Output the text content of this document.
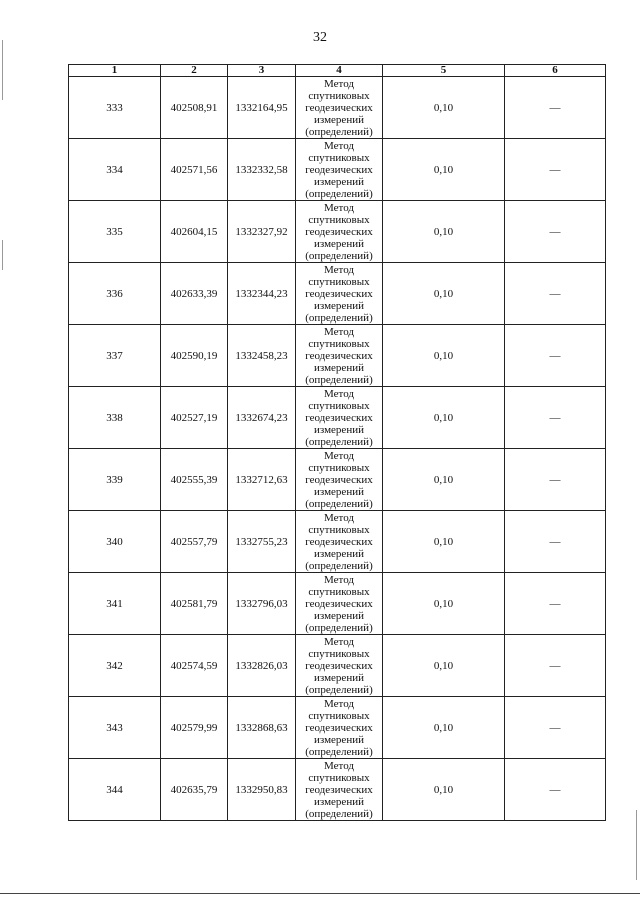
32
1	2	3	4	5	6
333	402508,91	1332164,95	Метод
спутниковых
геодезических
измерений
(определений)	0,10	—
334	402571,56	1332332,58	Метод
спутниковых
геодезических
измерений
(определений)	0,10	—
335	402604,15	1332327,92	Метод
спутниковых
геодезических
измерений
(определений)	0,10	—
336	402633,39	1332344,23	Метод
спутниковых
геодезических
измерений
(определений)	0,10	—
337	402590,19	1332458,23	Метод
спутниковых
геодезических
измерений
(определений)	0,10	—
338	402527,19	1332674,23	Метод
спутниковых
геодезических
измерений
(определений)	0,10	—
339	402555,39	1332712,63	Метод
спутниковых
геодезических
измерений
(определений)	0,10	—
340	402557,79	1332755,23	Метод
спутниковых
геодезических
измерений
(определений)	0,10	—
341	402581,79	1332796,03	Метод
спутниковых
геодезических
измерений
(определений)	0,10	—
342	402574,59	1332826,03	Метод
спутниковых
геодезических
измерений
(определений)	0,10	—
343	402579,99	1332868,63	Метод
спутниковых
геодезических
измерений
(определений)	0,10	—
344	402635,79	1332950,83	Метод
спутниковых
геодезических
измерений
(определений)	0,10	—
